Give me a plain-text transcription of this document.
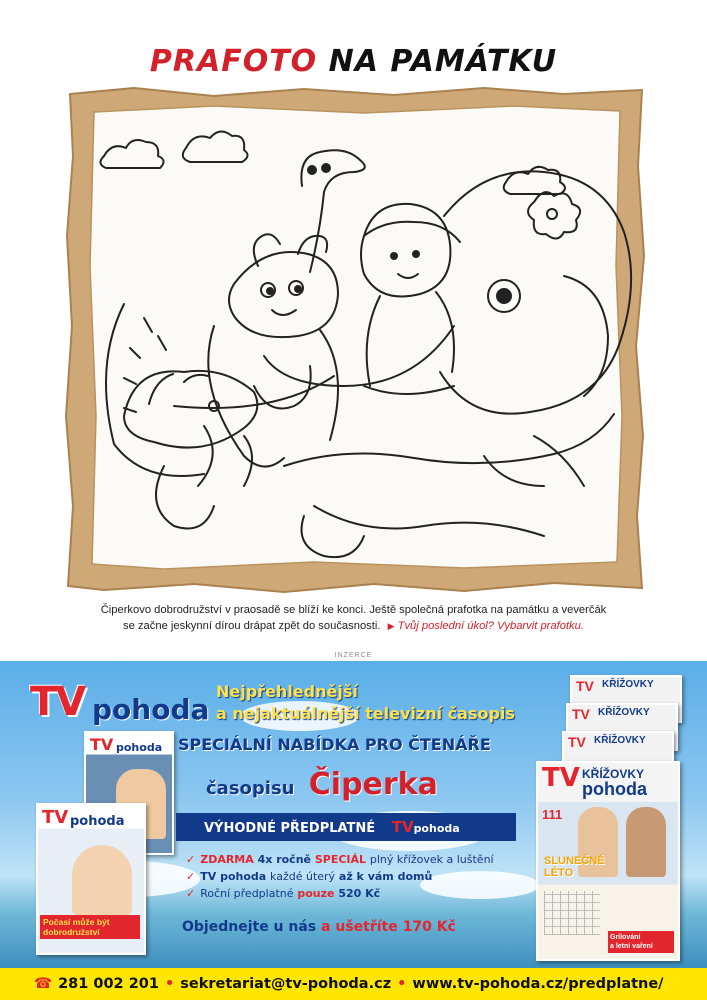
PRAFOTO NA PAMÁTKU
Čiperkovo dobrodružství v praosadě se blíží ke konci. Ještě společná prafotka na památku a veverčák
se začne jeskynní dírou drápat zpět do současnosti. ▶ Tvůj poslední úkol? Vybarvit prafotku.
INZERCE
TV pohoda
Nejpřehlednější
a nejaktuálnější televizní časopis
TV pohoda
TV pohoda
Počasí může být
dobrodružství
SPECIÁLNÍ NABÍDKA PRO ČTENÁŘE
časopisu Čiperka
VÝHODNÉ PŘEDPLATNÉ TVpohoda
✓ ZDARMA 4x ročně SPECIÁL plný křížovek a luštění
✓ TV pohoda každé úterý až k vám domů
✓ Roční předplatné pouze 520 Kč
Objednejte u nás a ušetříte 170 Kč
TV KŘÍŽOVKY
TV KŘÍŽOVKY
TV KŘÍŽOVKY
TV KŘÍŽOVKY
pohoda
111
SLUNEČNÉ
LÉTO
Grilování
a letní vaření
☎ 281 002 201 • sekretariat@tv-pohoda.cz • www.tv-pohoda.cz/predplatne/
